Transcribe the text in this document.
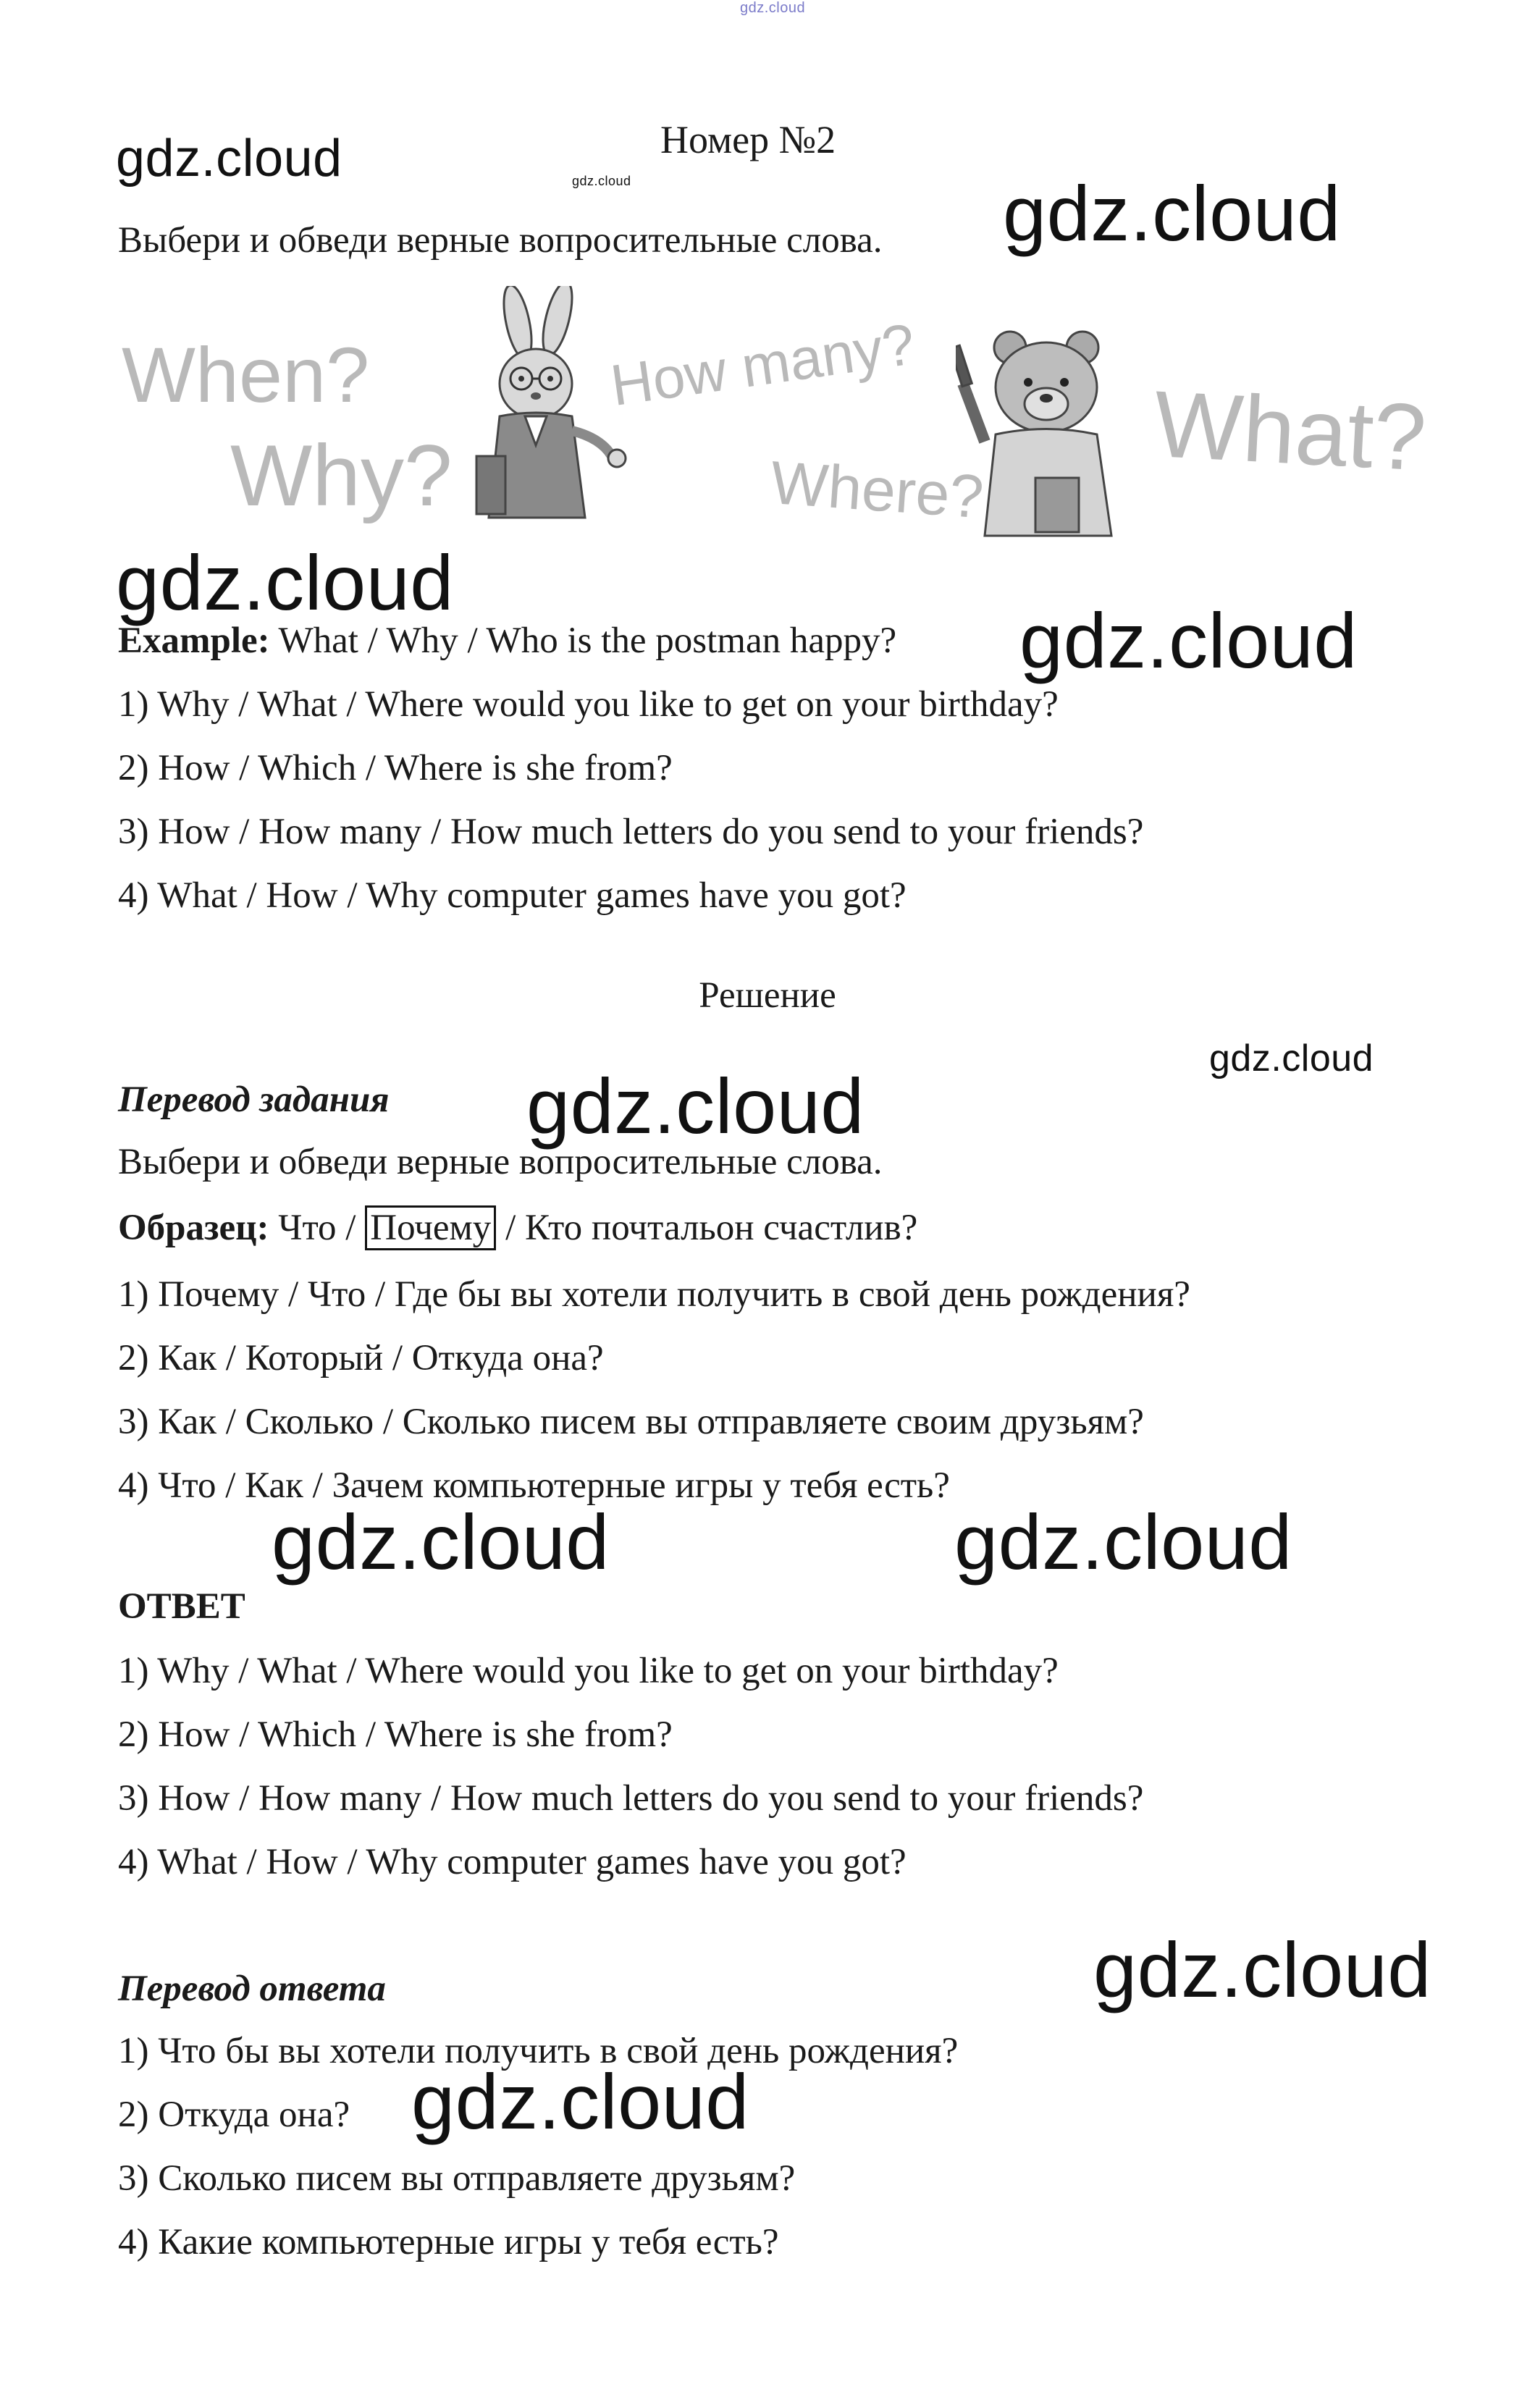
gdz.cloud
gdz.cloud	gdz.cloud	gdz.cloud
gdz.cloud
gdz.cloud
gdz.cloud
gdz.cloud
gdz.cloud	gdz.cloud
gdz.cloud
gdz.cloud
Номер №2
Выбери и обведи верные вопросительные слова.
When?
Why?
How many?
Where? What?
Example: What / Why / Who is the postman happy?
1) Why / What / Where would you like to get on your birthday?
2) How / Which / Where is she from?
3) How / How many / How much letters do you send to your friends?
4) What / How / Why computer games have you got?
Решение
Перевод задания
Выбери и обведи верные вопросительные слова.
Образец: Что / Почему / Кто почтальон счастлив?
1) Почему / Что / Где бы вы хотели получить в свой день рождения?
2) Как / Который / Откуда она?
3) Как / Сколько / Сколько писем вы отправляете своим друзьям?
4) Что / Как / Зачем компьютерные игры у тебя есть?
ОТВЕТ
1) Why / What / Where would you like to get on your birthday?
2) How / Which / Where is she from?
3) How / How many / How much letters do you send to your friends?
4) What / How / Why computer games have you got?
Перевод ответа
1) Что бы вы хотели получить в свой день рождения?
2) Откуда она?
3) Сколько писем вы отправляете друзьям?
4) Какие компьютерные игры у тебя есть?
